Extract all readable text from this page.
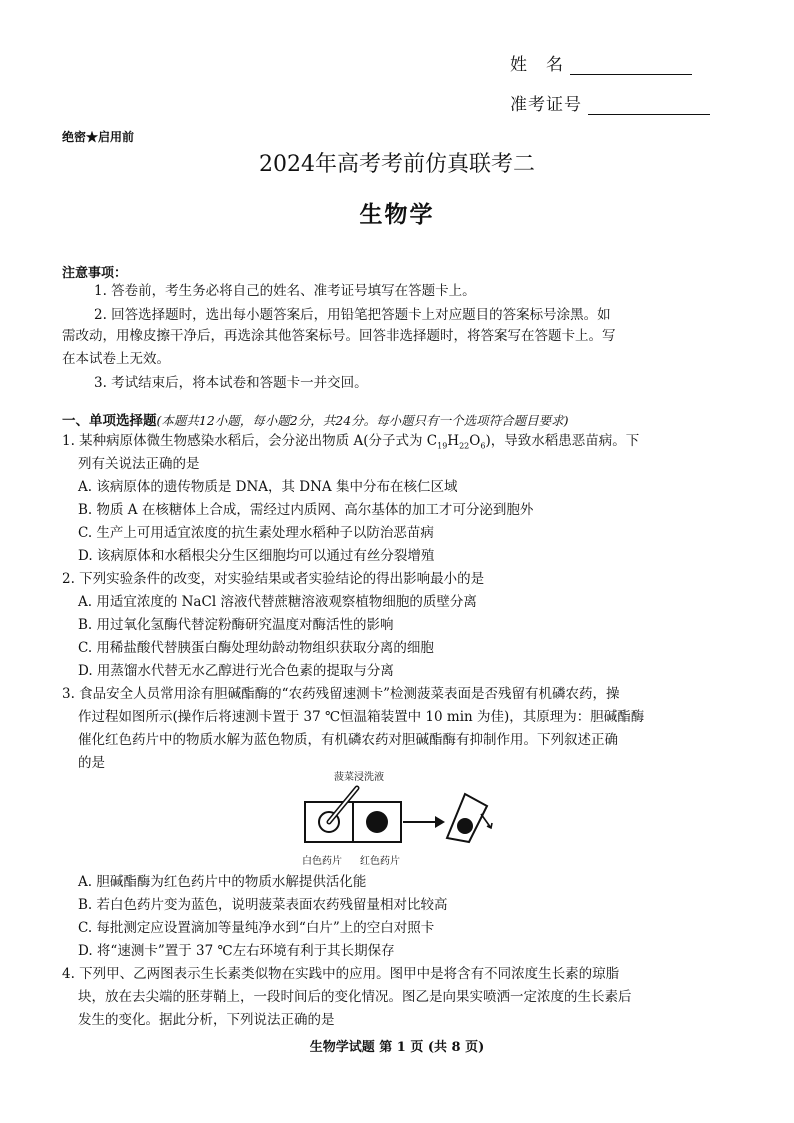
姓　名
准考证号
绝密★启用前
2024年高考考前仿真联考二
生物学
注意事项：
1. 答卷前，考生务必将自己的姓名、准考证号填写在答题卡上。
2. 回答选择题时，选出每小题答案后，用铅笔把答题卡上对应题目的答案标号涂黑。如
需改动，用橡皮擦干净后，再选涂其他答案标号。回答非选择题时，将答案写在答题卡上。写
在本试卷上无效。
3. 考试结束后，将本试卷和答题卡一并交回。
一、单项选择题(本题共12小题，每小题2分，共24分。每小题只有一个选项符合题目要求)
1. 某种病原体微生物感染水稻后，会分泌出物质 A(分子式为 $C_{19}H_{22}O_6$)，导致水稻患恶苗病。下
列有关说法正确的是
A. 该病原体的遗传物质是 DNA，其 DNA 集中分布在核仁区域
B. 物质 A 在核糖体上合成，需经过内质网、高尔基体的加工才可分泌到胞外
C. 生产上可用适宜浓度的抗生素处理水稻种子以防治恶苗病
D. 该病原体和水稻根尖分生区细胞均可以通过有丝分裂增殖
2. 下列实验条件的改变，对实验结果或者实验结论的得出影响最小的是
A. 用适宜浓度的 NaCl 溶液代替蔗糖溶液观察植物细胞的质壁分离
B. 用过氧化氢酶代替淀粉酶研究温度对酶活性的影响
C. 用稀盐酸代替胰蛋白酶处理幼龄动物组织获取分离的细胞
D. 用蒸馏水代替无水乙醇进行光合色素的提取与分离
3. 食品安全人员常用涂有胆碱酯酶的“农药残留速测卡”检测菠菜表面是否残留有机磷农药，操
作过程如图所示(操作后将速测卡置于 37 ℃恒温箱装置中 10 min 为佳)，其原理为：胆碱酯酶
催化红色药片中的物质水解为蓝色物质，有机磷农药对胆碱酯酶有抑制作用。下列叙述正确
的是
菠菜浸洗液
白色药片 红色药片
A. 胆碱酯酶为红色药片中的物质水解提供活化能
B. 若白色药片变为蓝色，说明菠菜表面农药残留量相对比较高
C. 每批测定应设置滴加等量纯净水到“白片”上的空白对照卡
D. 将“速测卡”置于 37 ℃左右环境有利于其长期保存
4. 下列甲、乙两图表示生长素类似物在实践中的应用。图甲中是将含有不同浓度生长素的琼脂
块，放在去尖端的胚芽鞘上，一段时间后的变化情况。图乙是向果实喷洒一定浓度的生长素后
发生的变化。据此分析，下列说法正确的是
生物学试题 第 1 页 (共 8 页)
